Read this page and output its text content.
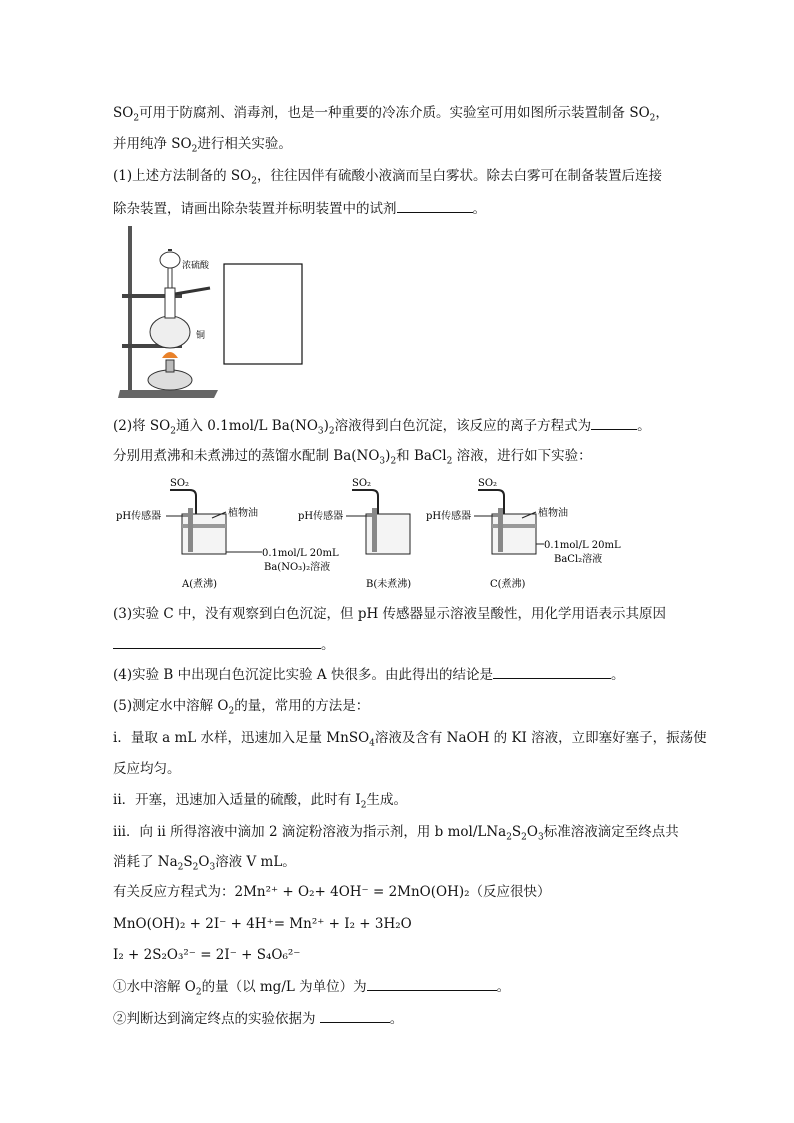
$SO_2$可用于防腐剂、消毒剂，也是一种重要的冷冻介质。实验室可用如图所示装置制备 $SO_2$，
并用纯净 $SO_2$进行相关实验。
(1)上述方法制备的 $SO_2$，往往因伴有硫酸小液滴而呈白雾状。除去白雾可在制备装置后连接
除杂装置，请画出除杂装置并标明装置中的试剂	。
浓硫酸
铜
(2)将 $SO_2$通入 0.1mol/L $Ba(NO_3)_2$溶液得到白色沉淀，该反应的离子方程式为	。
分别用煮沸和未煮沸过的蒸馏水配制 $Ba(NO_3)_2$和 BaCl$_2$ 溶液，进行如下实验：
SO₂
pH传感器	植物油
0.1mol/L 20mL
Ba(NO₃)₂溶液
A(煮沸)
SO₂
pH传感器
B(未煮沸)
SO₂
pH传感器	植物油
0.1mol/L 20mL
BaCl₂溶液
C(煮沸)
(3)实验 C 中，没有观察到白色沉淀，但 pH 传感器显示溶液呈酸性，用化学用语表示其原因
。
(4)实验 B 中出现白色沉淀比实验 A 快很多。由此得出的结论是	。
(5)测定水中溶解 $O_2$的量，常用的方法是：
i．量取 a mL 水样，迅速加入足量 MnSO$_4$溶液及含有 NaOH 的 KI 溶液，立即塞好塞子，振荡使
反应均匀。
ii．开塞，迅速加入适量的硫酸，此时有 $I_2$生成。
iii．向 ii 所得溶液中滴加 2 滴淀粉溶液为指示剂，用 b mol/$LNa_2S_2O_3$标准溶液滴定至终点共
消耗了 $Na_2S_2O_3$溶液 V mL。
有关反应方程式为：2Mn²⁺ + O₂+ 4OH⁻ = 2MnO(OH)₂（反应很快）
MnO(OH)₂ + 2I⁻ + 4H⁺= Mn²⁺ + I₂ + 3H₂O
I₂ + 2S₂O₃²⁻ = 2I⁻ + S₄O₆²⁻
①水中溶解 $O_2$的量（以 mg/L 为单位）为	。
②判断达到滴定终点的实验依据为	。
